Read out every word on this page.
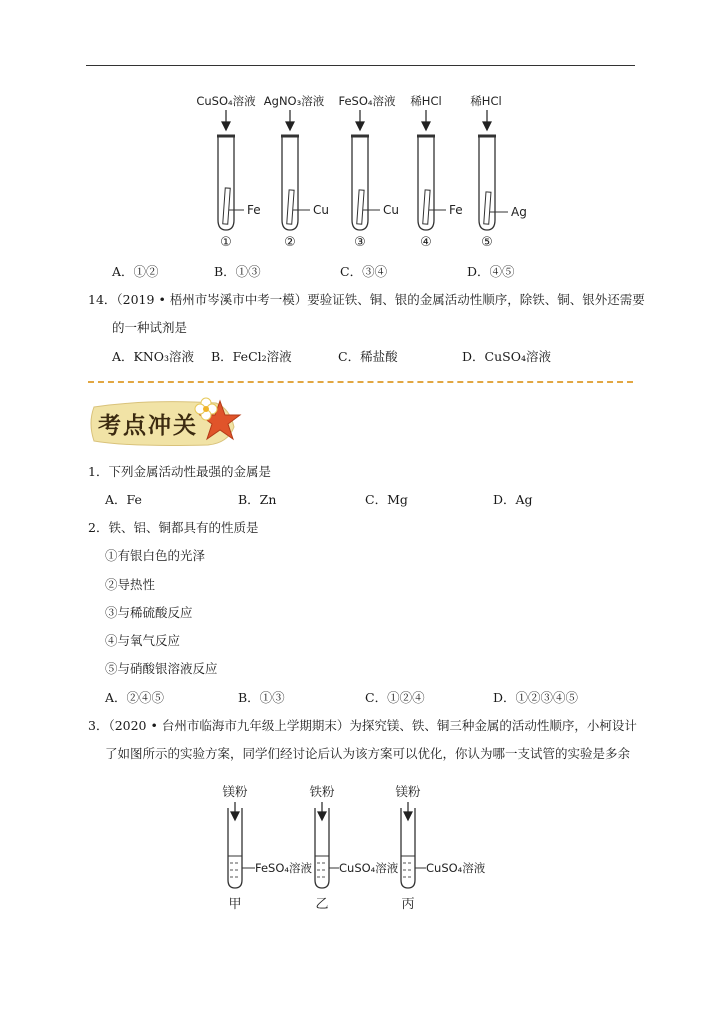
CuSO₄溶液 AgNO₃溶液 FeSO₄溶液 稀HCl 稀HCl
Fe	Cu	Cu	Fe	Ag
①	②	③	④	⑤
A．①②	B．①③	C．③④	D．④⑤
14．（2019 • 梧州市岑溪市中考一模）要验证铁、铜、银的金属活动性顺序，除铁、铜、银外还需要
的一种试剂是
A．KNO₃溶液 B．FeCl₂溶液	C．稀盐酸	D．CuSO₄溶液
考点冲关
1．下列金属活动性最强的金属是
A．Fe	B．Zn	C．Mg	D．Ag
2．铁、铝、铜都具有的性质是
①有银白色的光泽
②导热性
③与稀硫酸反应
④与氧气反应
⑤与硝酸银溶液反应
A．②④⑤	B．①③	C．①②④	D．①②③④⑤
3．（2020 • 台州市临海市九年级上学期期末）为探究镁、铁、铜三种金属的活动性顺序，小柯设计
了如图所示的实验方案，同学们经讨论后认为该方案可以优化，你认为哪一支试管的实验是多余
镁粉	铁粉	镁粉
FeSO₄溶液 CuSO₄溶液 CuSO₄溶液
甲	乙	丙
